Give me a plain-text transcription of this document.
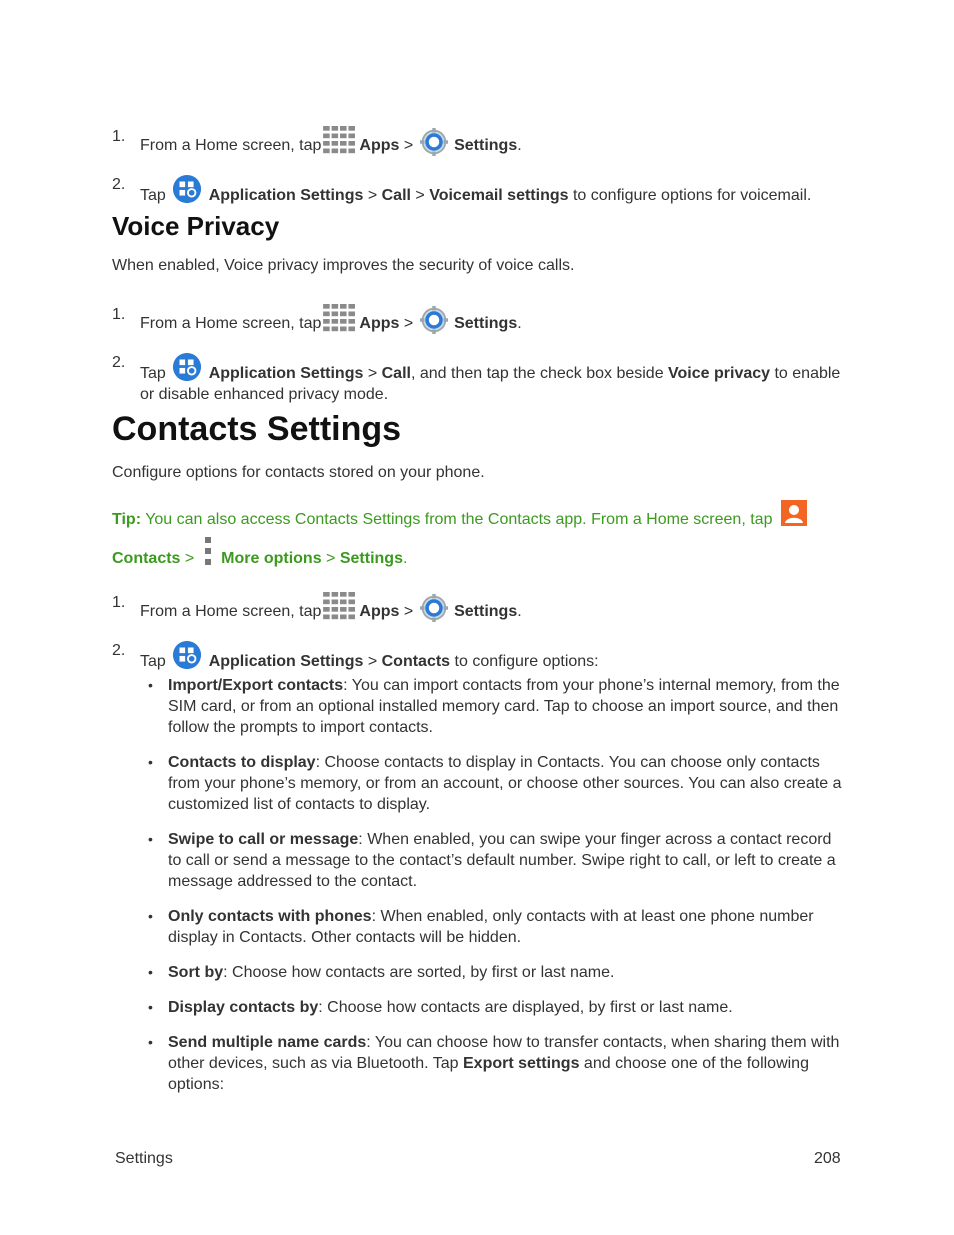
1.
From a Home screen, tap Apps >	Settings.
2.
Tap	Application Settings > Call > Voicemail settings to configure options for voicemail.
Voice Privacy
When enabled, Voice privacy improves the security of voice calls.
1.
From a Home screen, tap Apps >	Settings.
2.
Tap	Application Settings > Call, and then tap the check box beside Voice privacy to enable or disable enhanced privacy mode.
Contacts Settings
Configure options for contacts stored on your phone.
Tip: You can also access Contacts Settings from the Contacts app. From a Home screen, tap
Contacts > More options > Settings.
1.
From a Home screen, tap Apps >	Settings.
2.
Tap	Application Settings > Contacts to configure options:
• Import/Export contacts: You can import contacts from your phone’s internal memory, from the SIM card, or from an optional installed memory card. Tap to choose an import source, and then follow the prompts to import contacts.
• Contacts to display: Choose contacts to display in Contacts. You can choose only contacts from your phone’s memory, or from an account, or choose other sources. You can also create a customized list of contacts to display.
• Swipe to call or message: When enabled, you can swipe your finger across a contact record to call or send a message to the contact’s default number. Swipe right to call, or left to create a message addressed to the contact.
• Only contacts with phones: When enabled, only contacts with at least one phone number display in Contacts. Other contacts will be hidden.
• Sort by: Choose how contacts are sorted, by first or last name.
• Display contacts by: Choose how contacts are displayed, by first or last name.
• Send multiple name cards: You can choose how to transfer contacts, when sharing them with other devices, such as via Bluetooth. Tap Export settings and choose one of the following options:
Settings	208
